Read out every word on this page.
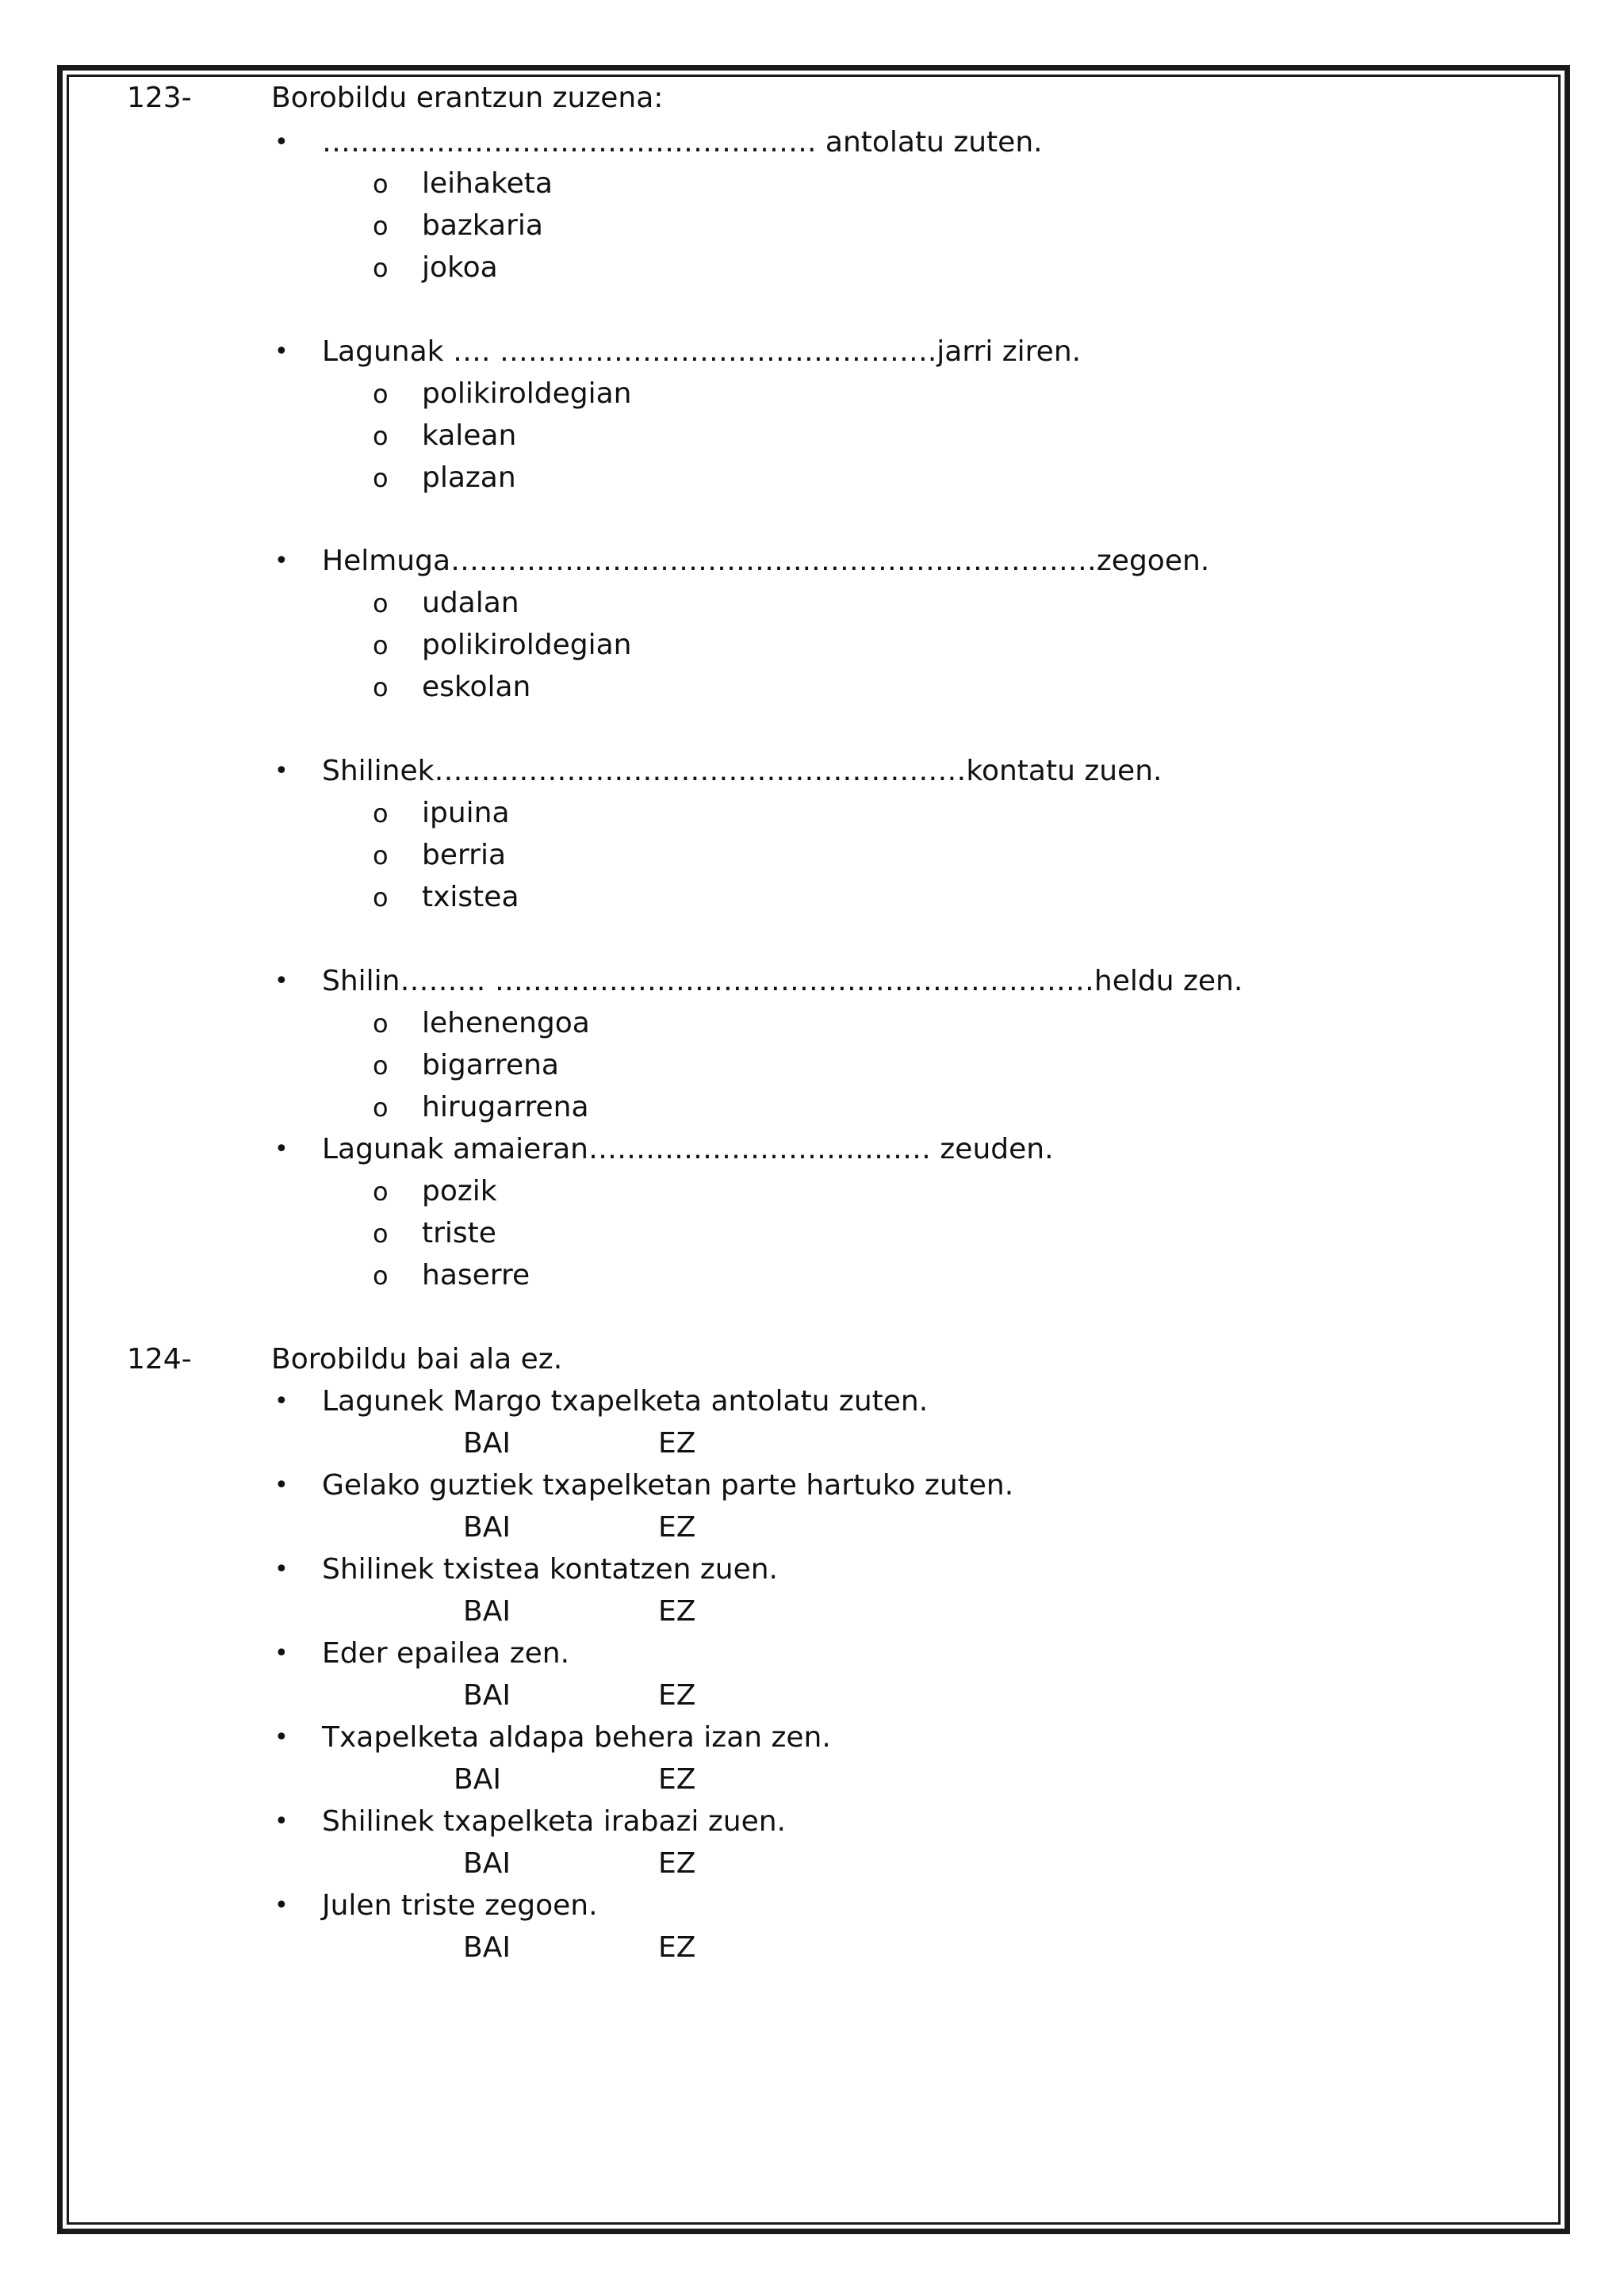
123-	Borobildu erantzun zuzena:
• ……………………………………………. antolatu zuten.
o leihaketa
o bazkaria
o jokoa
• Lagunak …. ……………………………………….jarri ziren.
o polikiroldegian
o kalean
o plazan
• Helmuga………………………………..…………………………zegoen.
o udalan
o polikiroldegian
o eskolan
• Shilinek…..……………………………………………kontatu zuen.
o ipuina
o berria
o txistea
• Shilin……… ………………………………………………………heldu zen.
o lehenengoa
o bigarrena
o hirugarrena
• Lagunak amaieran……………………………… zeuden.
o pozik
o triste
o haserre
124-	Borobildu bai ala ez.
• Lagunek Margo txapelketa antolatu zuten.
BAI	EZ
• Gelako guztiek txapelketan parte hartuko zuten.
BAI	EZ
• Shilinek txistea kontatzen zuen.
BAI	EZ
• Eder epailea zen.
BAI	EZ
• Txapelketa aldapa behera izan zen.
BAI	EZ
• Shilinek txapelketa irabazi zuen.
BAI	EZ
• Julen triste zegoen.
BAI	EZ
